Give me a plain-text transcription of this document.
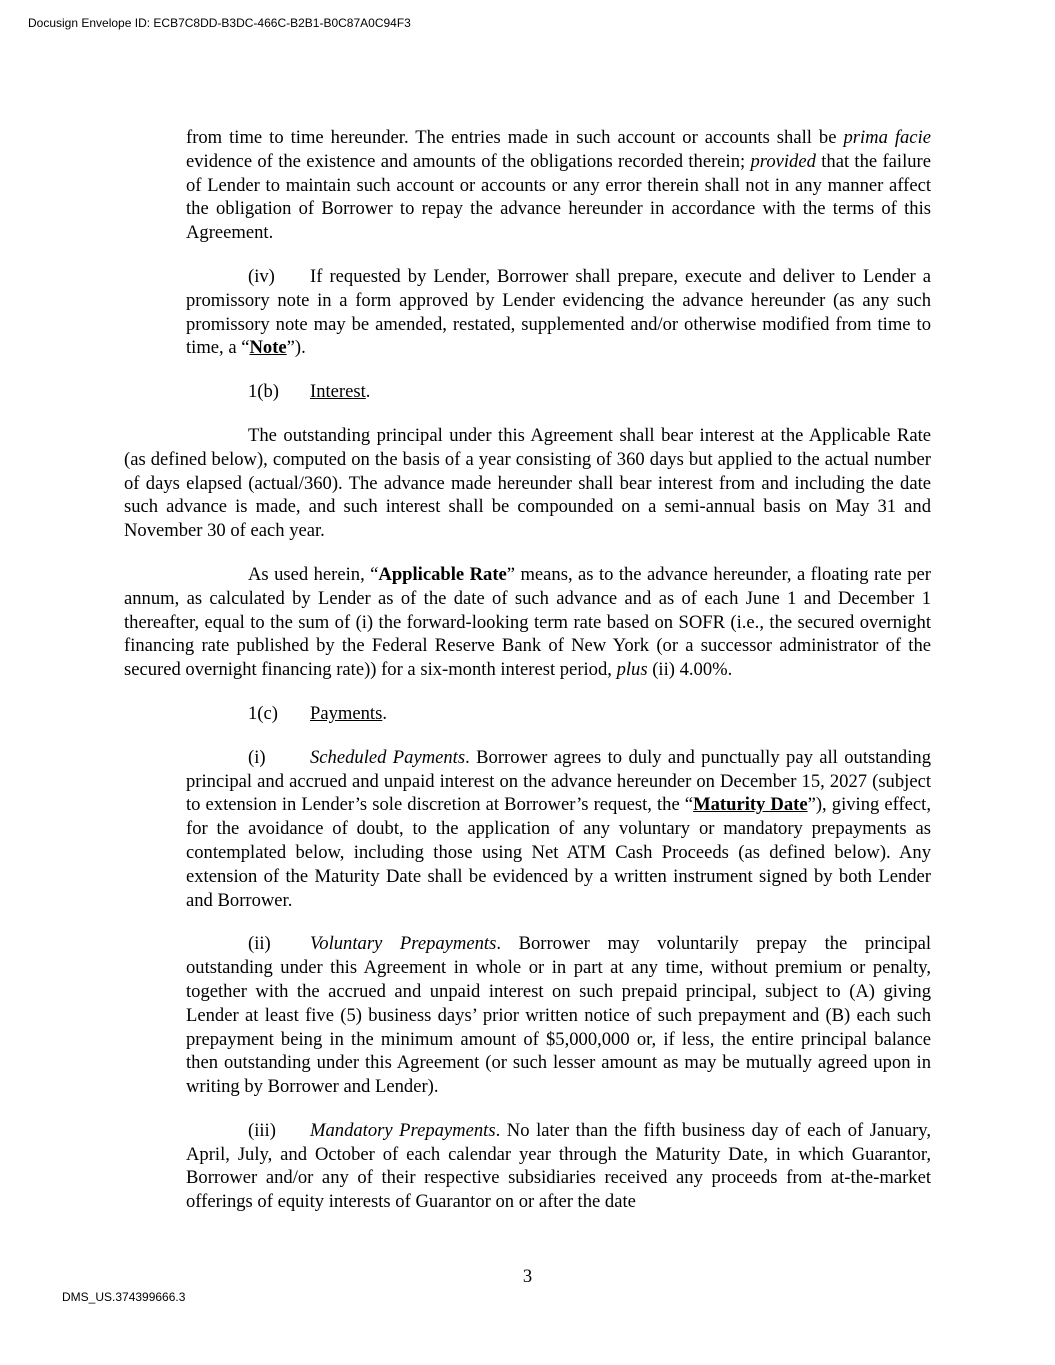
Docusign Envelope ID: ECB7C8DD-B3DC-466C-B2B1-B0C87A0C94F3

from time to time hereunder. The entries made in such account or accounts shall be prima facie evidence of the existence and amounts of the obligations recorded therein; provided that the failure of Lender to maintain such account or accounts or any error therein shall not in any manner affect the obligation of Borrower to repay the advance hereunder in accordance with the terms of this Agreement.

(iv) If requested by Lender, Borrower shall prepare, execute and deliver to Lender a promissory note in a form approved by Lender evidencing the advance hereunder (as any such promissory note may be amended, restated, supplemented and/or otherwise modified from time to time, a “Note”).

1(b) Interest.

The outstanding principal under this Agreement shall bear interest at the Applicable Rate (as defined below), computed on the basis of a year consisting of 360 days but applied to the actual number of days elapsed (actual/360). The advance made hereunder shall bear interest from and including the date such advance is made, and such interest shall be compounded on a semi-annual basis on May 31 and November 30 of each year.

As used herein, “Applicable Rate” means, as to the advance hereunder, a floating rate per annum, as calculated by Lender as of the date of such advance and as of each June 1 and December 1 thereafter, equal to the sum of (i) the forward-looking term rate based on SOFR (i.e., the secured overnight financing rate published by the Federal Reserve Bank of New York (or a successor administrator of the secured overnight financing rate)) for a six-month interest period, plus (ii) 4.00%.

1(c) Payments.

(i) Scheduled Payments. Borrower agrees to duly and punctually pay all outstanding principal and accrued and unpaid interest on the advance hereunder on December 15, 2027 (subject to extension in Lender’s sole discretion at Borrower’s request, the “Maturity Date”), giving effect, for the avoidance of doubt, to the application of any voluntary or mandatory prepayments as contemplated below, including those using Net ATM Cash Proceeds (as defined below). Any extension of the Maturity Date shall be evidenced by a written instrument signed by both Lender and Borrower.

(ii) Voluntary Prepayments. Borrower may voluntarily prepay the principal outstanding under this Agreement in whole or in part at any time, without premium or penalty, together with the accrued and unpaid interest on such prepaid principal, subject to (A) giving Lender at least five (5) business days’ prior written notice of such prepayment and (B) each such prepayment being in the minimum amount of $5,000,000 or, if less, the entire principal balance then outstanding under this Agreement (or such lesser amount as may be mutually agreed upon in writing by Borrower and Lender).

(iii) Mandatory Prepayments. No later than the fifth business day of each of January, April, July, and October of each calendar year through the Maturity Date, in which Guarantor, Borrower and/or any of their respective subsidiaries received any proceeds from at-the-market offerings of equity interests of Guarantor on or after the date

3
DMS_US.374399666.3
